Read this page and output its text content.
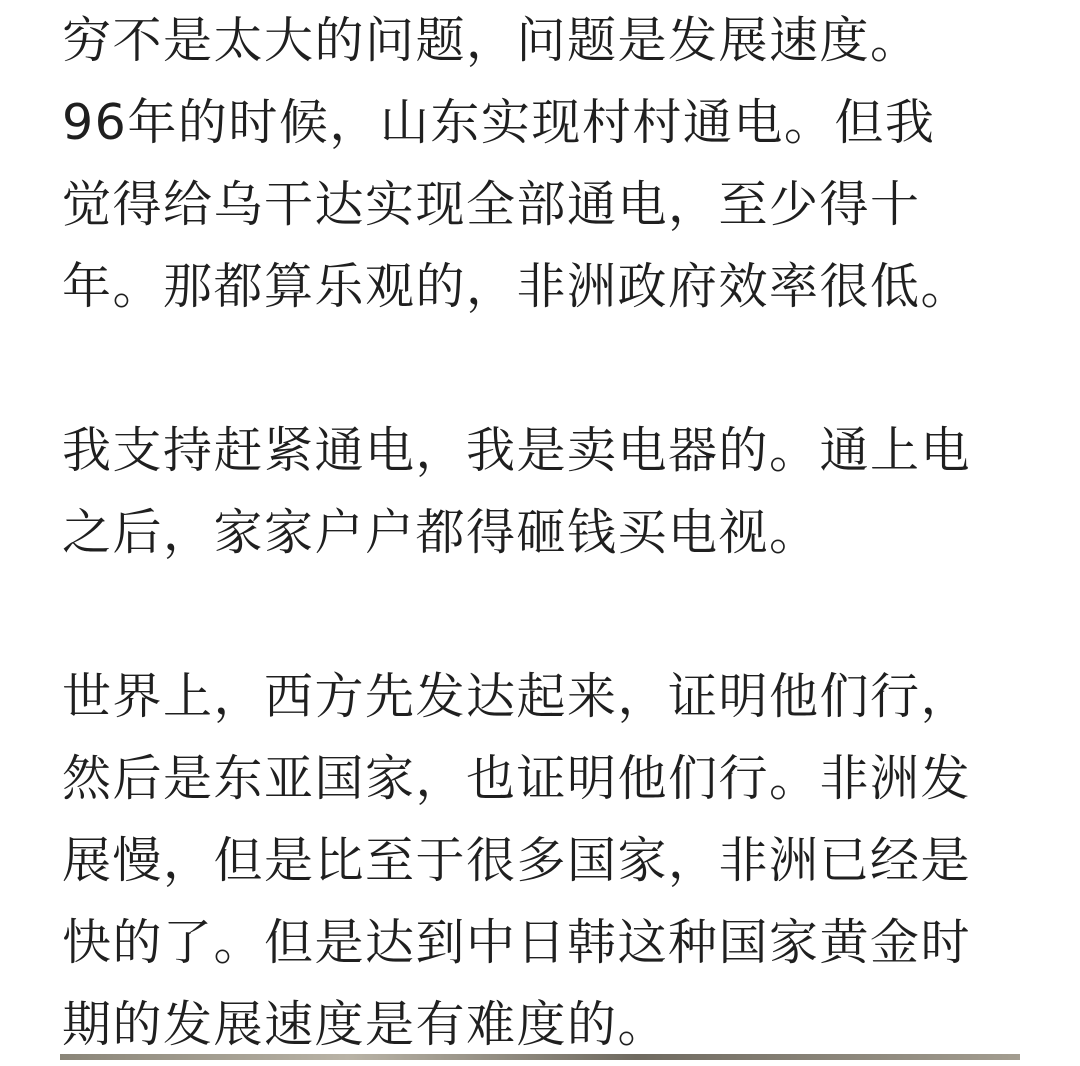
穷不是太大的问题，问题是发展速度。
96年的时候，山东实现村村通电。但我
觉得给乌干达实现全部通电，至少得十
年。那都算乐观的，非洲政府效率很低。
我支持赶紧通电，我是卖电器的。通上电
之后，家家户户都得砸钱买电视。
世界上，西方先发达起来，证明他们行，
然后是东亚国家，也证明他们行。非洲发
展慢，但是比至于很多国家，非洲已经是
快的了。但是达到中日韩这种国家黄金时
期的发展速度是有难度的。
